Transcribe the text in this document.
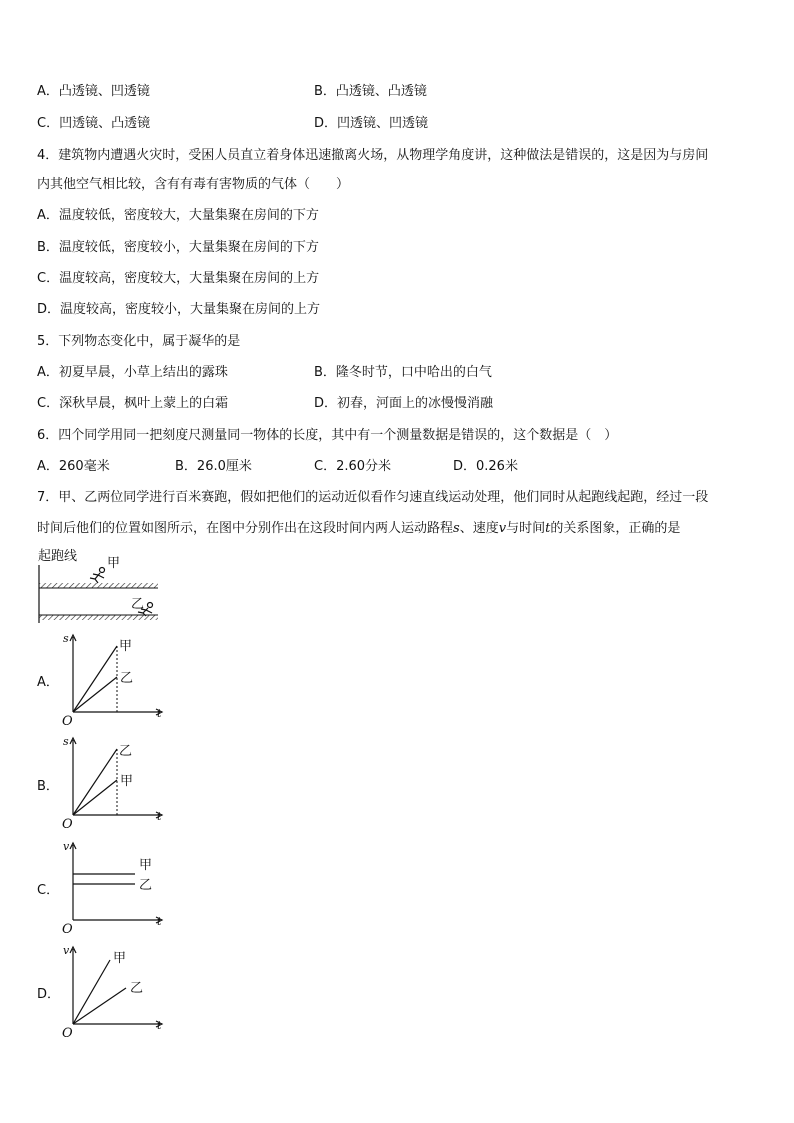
A．凸透镜、凹透镜	B．凸透镜、凸透镜
C．凹透镜、凸透镜	D．凹透镜、凹透镜
4．建筑物内遭遇火灾时，受困人员直立着身体迅速撤离火场，从物理学角度讲，这种做法是错误的，这是因为与房间
内其他空气相比较，含有有毒有害物质的气体（　　）
A．温度较低，密度较大，大量集聚在房间的下方
B．温度较低，密度较小，大量集聚在房间的下方
C．温度较高，密度较大，大量集聚在房间的上方
D．温度较高，密度较小，大量集聚在房间的上方
5．下列物态变化中，属于凝华的是
A．初夏早晨，小草上结出的露珠	B．隆冬时节，口中哈出的白气
C．深秋早晨，枫叶上蒙上的白霜	D．初春，河面上的冰慢慢消融
6．四个同学用同一把刻度尺测量同一物体的长度，其中有一个测量数据是错误的，这个数据是（　）
A．260毫米	B．26.0厘米	C．2.60分米	D．0.26米
7．甲、乙两位同学进行百米赛跑，假如把他们的运动近似看作匀速直线运动处理，他们同时从起跑线起跑，经过一段
时间后他们的位置如图所示，在图中分别作出在这段时间内两人运动路程s、速度v与时间t的关系图象，正确的是
起跑线 甲
乙
A．
s
t
O
甲
乙
B．
s
t
O
乙
甲
C．
v
t
O
甲
乙
D．
v
t
O
甲
乙
